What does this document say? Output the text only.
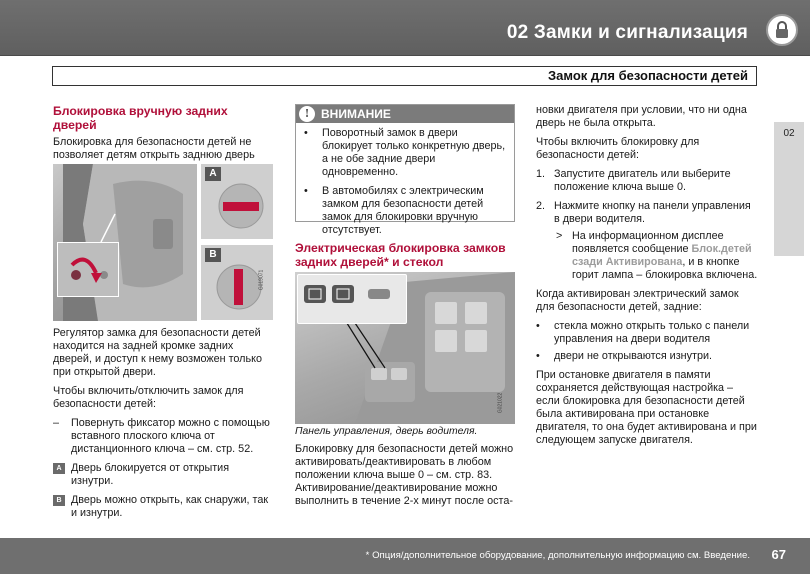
02 Замки и сигнализация
Замок для безопасности детей
02
Блокировка вручную задних дверей
Блокировка для безопасности детей не позволяет детям открыть заднюю дверь
A
B
G019071
Регулятор замка для безопасности детей находится на задней кромке задних дверей, и доступ к нему возможен только при открытой двери.
Чтобы включить/отключить замок для безопасности детей:
– Повернуть фиксатор можно с помощью вставного плоского ключа от дистанционного ключа – см. стр. 52.
A Дверь блокируется от открытия изнутри.
B Дверь можно открыть, как снаружи, так и изнутри.
! ВНИМАНИЕ
• Поворотный замок в двери блокирует только конкретную дверь, а не обе задние двери одновременно.
• В автомобилях с электрическим замком для безопасности детей замок для блокировки вручную отсутствует.
Электрическая блокировка замков задних дверей* и стекол
G021022
Панель управления, дверь водителя.
Блокировку для безопасности детей можно активировать/деактивировать в любом положении ключа выше 0 – см. стр. 83. Активирование/деактивирование можно выполнить в течение 2-х минут после оста-
новки двигателя при условии, что ни одна дверь не была открыта.
Чтобы включить блокировку для безопасности детей:
1. Запустите двигатель или выберите положение ключа выше 0.
2. Нажмите кнопку на панели управления в двери водителя.
> На информационном дисплее появляется сообщение Блок.детей сзади Активирована, и в кнопке горит лампа – блокировка включена.
Когда активирован электрический замок для безопасности детей, задние:
• стекла можно открыть только с панели управления на двери водителя
• двери не открываются изнутри.
При остановке двигателя в памяти сохраняется действующая настройка – если блокировка для безопасности детей была активирована при остановке двигателя, то она будет активирована и при следующем запуске двигателя.
* Опция/дополнительное оборудование, дополнительную информацию см. Введение. 67
